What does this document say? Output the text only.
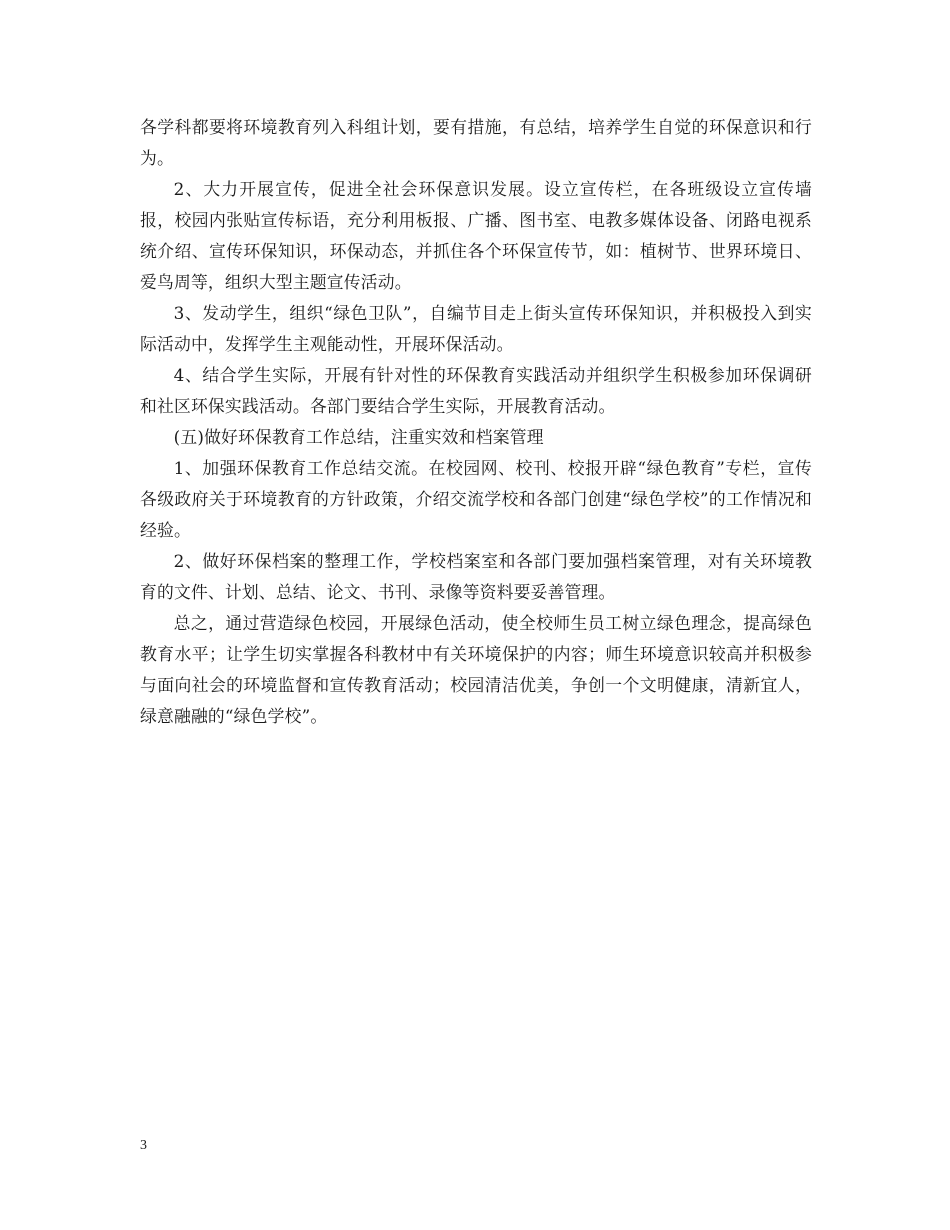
各学科都要将环境教育列入科组计划，要有措施，有总结，培养学生自觉的环保意识和行为。

2、大力开展宣传，促进全社会环保意识发展。设立宣传栏，在各班级设立宣传墙报，校园内张贴宣传标语，充分利用板报、广播、图书室、电教多媒体设备、闭路电视系统介绍、宣传环保知识，环保动态，并抓住各个环保宣传节，如：植树节、世界环境日、爱鸟周等，组织大型主题宣传活动。

3、发动学生，组织“绿色卫队”，自编节目走上街头宣传环保知识，并积极投入到实际活动中，发挥学生主观能动性，开展环保活动。

4、结合学生实际，开展有针对性的环保教育实践活动并组织学生积极参加环保调研和社区环保实践活动。各部门要结合学生实际，开展教育活动。

(五)做好环保教育工作总结，注重实效和档案管理

1、加强环保教育工作总结交流。在校园网、校刊、校报开辟“绿色教育”专栏，宣传各级政府关于环境教育的方针政策，介绍交流学校和各部门创建“绿色学校”的工作情况和经验。

2、做好环保档案的整理工作，学校档案室和各部门要加强档案管理，对有关环境教育的文件、计划、总结、论文、书刊、录像等资料要妥善管理。

总之，通过营造绿色校园，开展绿色活动，使全校师生员工树立绿色理念，提高绿色教育水平；让学生切实掌握各科教材中有关环境保护的内容；师生环境意识较高并积极参与面向社会的环境监督和宣传教育活动；校园清洁优美，争创一个文明健康，清新宜人，绿意融融的“绿色学校”。

3
